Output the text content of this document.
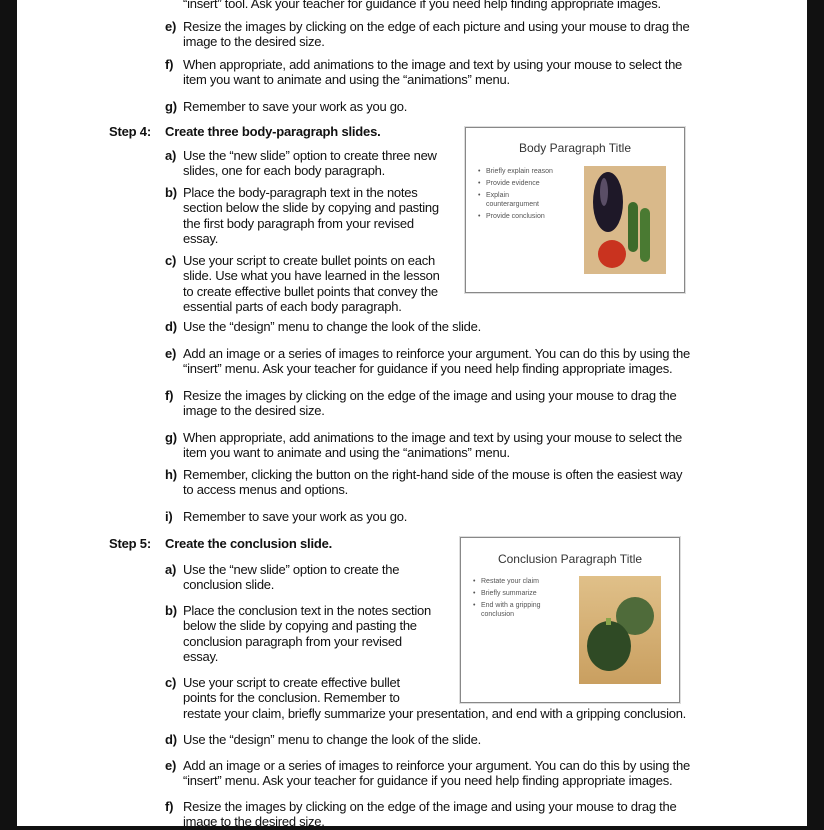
“insert” tool. Ask your teacher for guidance if you need help finding appropriate images.
e) Resize the images by clicking on the edge of each picture and using your mouse to drag the
image to the desired size.
f) When appropriate, add animations to the image and text by using your mouse to select the
item you want to animate and using the “animations” menu.
g) Remember to save your work as you go.
a) Use the “new slide” option to create three new
slides, one for each body paragraph.
b) Place the body-paragraph text in the notes
section below the slide by copying and pasting
the first body paragraph from your revised
essay.
c) Use your script to create bullet points on each
slide. Use what you have learned in the lesson
to create effective bullet points that convey the
essential parts of each body paragraph.
d) Use the “design” menu to change the look of the slide.
e) Add an image or a series of images to reinforce your argument. You can do this by using the
“insert” menu. Ask your teacher for guidance if you need help finding appropriate images.
f) Resize the images by clicking on the edge of the image and using your mouse to drag the
image to the desired size.
g) When appropriate, add animations to the image and text by using your mouse to select the
item you want to animate and using the “animations” menu.
h) Remember, clicking the button on the right-hand side of the mouse is often the easiest way
to access menus and options.
i) Remember to save your work as you go.
a) Use the “new slide” option to create the
conclusion slide.
b) Place the conclusion text in the notes section
below the slide by copying and pasting the
conclusion paragraph from your revised
essay.
c) Use your script to create effective bullet
points for the conclusion. Remember to
restate your claim, briefly summarize your presentation, and end with a gripping conclusion.
d) Use the “design” menu to change the look of the slide.
e) Add an image or a series of images to reinforce your argument. You can do this by using the
“insert” menu. Ask your teacher for guidance if you need help finding appropriate images.
f) Resize the images by clicking on the edge of the image and using your mouse to drag the
image to the desired size.
Step 4: Create three body-paragraph slides.
Step 5: Create the conclusion slide.
Body Paragraph Title
• Briefly explain reason
• Provide evidence
• Explain counterargument
• Provide conclusion
Conclusion Paragraph Title
• Restate your claim
• Briefly summarize
• End with a gripping conclusion
